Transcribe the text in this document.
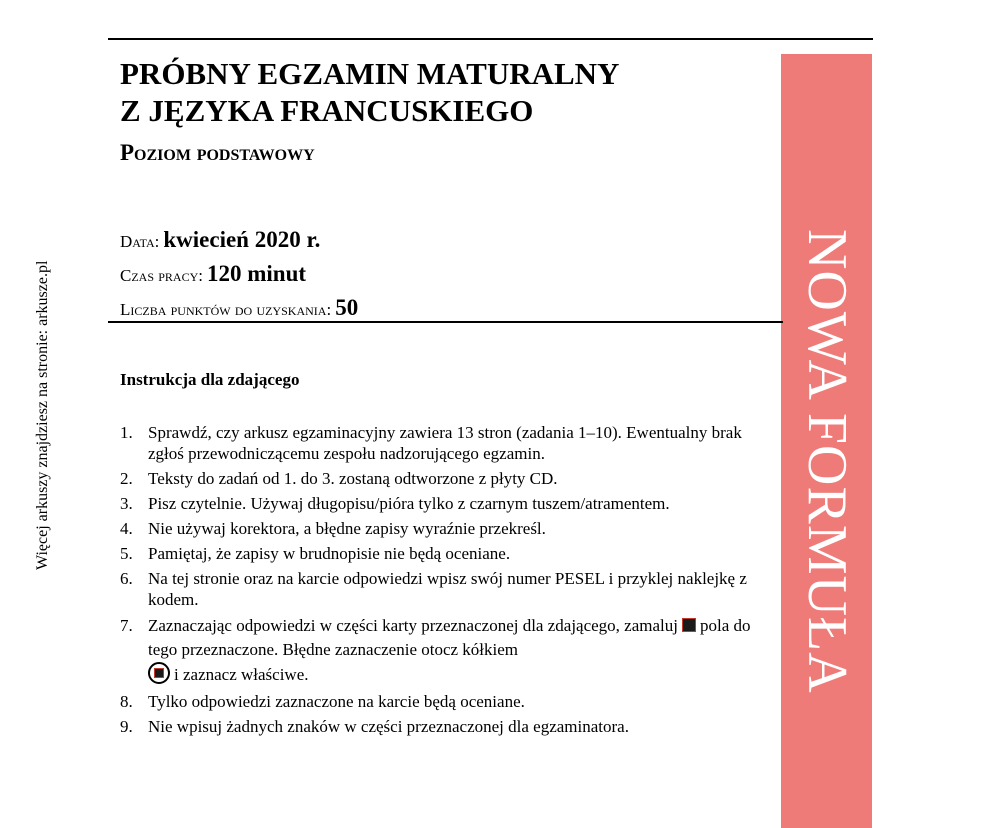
Więcej arkuszy znajdziesz na stronie: arkusze.pl	NOWA FORMUŁA
PRÓBNY EGZAMIN MATURALNY
Z JĘZYKA FRANCUSKIEGO
Poziom podstawowy
Data: kwiecień 2020 r.
Czas pracy: 120 minut
Liczba punktów do uzyskania: 50
Instrukcja dla zdającego
1. Sprawdź, czy arkusz egzaminacyjny zawiera 13 stron (zadania 1–10). Ewentualny brak zgłoś przewodniczącemu zespołu nadzorującego egzamin.
2. Teksty do zadań od 1. do 3. zostaną odtworzone z płyty CD.
3. Pisz czytelnie. Używaj długopisu/pióra tylko z czarnym tuszem/atramentem.
4. Nie używaj korektora, a błędne zapisy wyraźnie przekreśl.
5. Pamiętaj, że zapisy w brudnopisie nie będą oceniane.
6. Na tej stronie oraz na karcie odpowiedzi wpisz swój numer PESEL i przyklej naklejkę z kodem.
7. Zaznaczając odpowiedzi w części karty przeznaczonej dla zdającego, zamaluj pola do tego przeznaczone. Błędne zaznaczenie otocz kółkiem
i zaznacz właściwe.
8. Tylko odpowiedzi zaznaczone na karcie będą oceniane.
9. Nie wpisuj żadnych znaków w części przeznaczonej dla egzaminatora.
